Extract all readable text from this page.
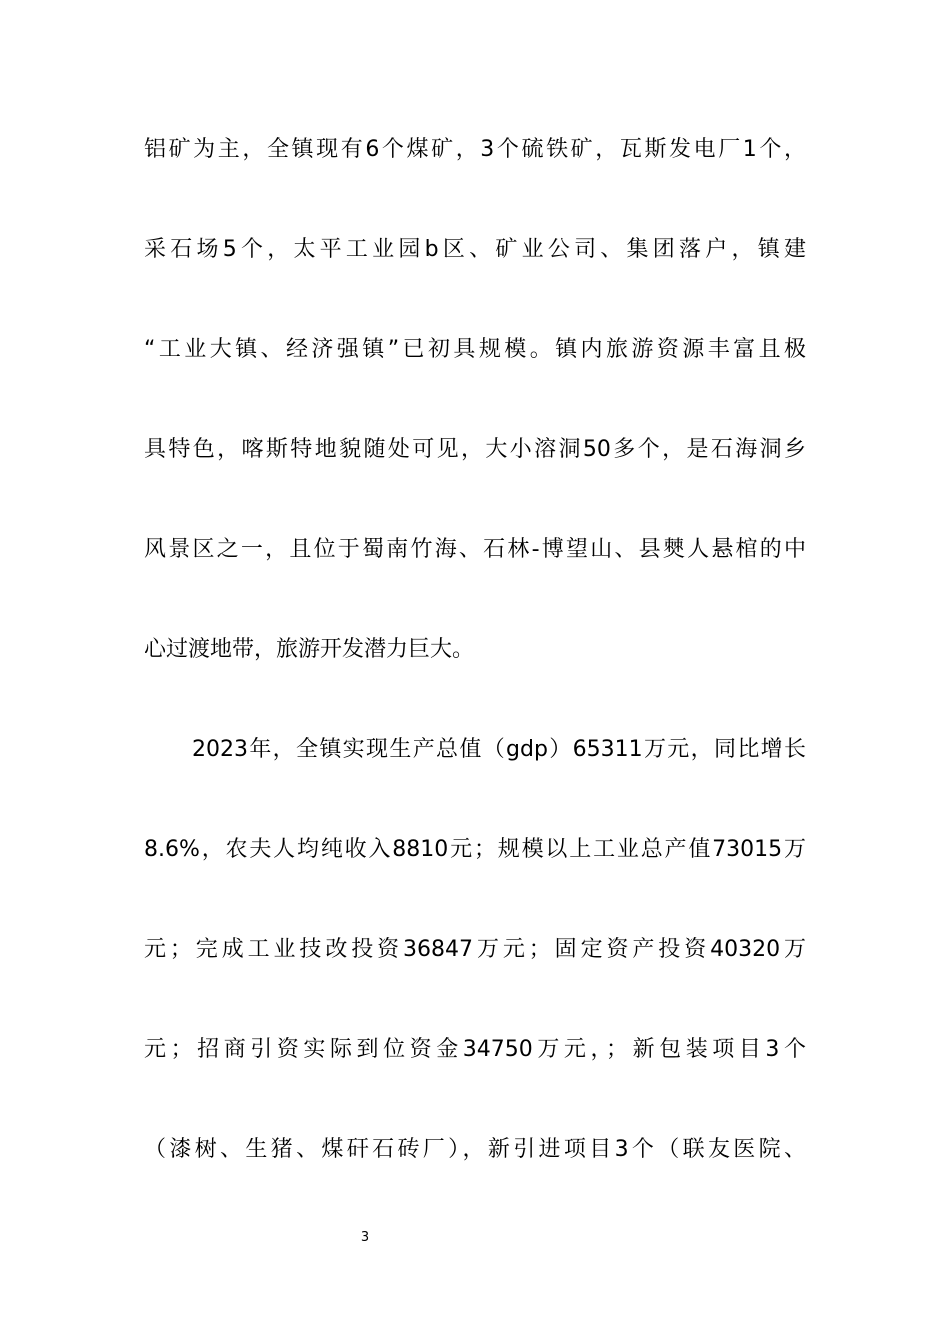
铝矿为主，全镇现有6个煤矿，3个硫铁矿，瓦斯发电厂1个，
采石场5个，太平工业园b区、矿业公司、集团落户，镇建
“工业大镇、经济强镇”已初具规模。镇内旅游资源丰富且极
具特色，喀斯特地貌随处可见，大小溶洞50多个，是石海洞乡
风景区之一，且位于蜀南竹海、石林-博望山、县僰人悬棺的中
心过渡地带，旅游开发潜力巨大。
2023年，全镇实现生产总值（gdp）65311万元，同比增长
8.6%，农夫人均纯收入8810元；规模以上工业总产值73015万
元；完成工业技改投资36847万元；固定资产投资40320万
元；招商引资实际到位资金34750万元，；新包装项目3个
（漆树、生猪、煤矸石砖厂），新引进项目3个（联友医院、
3
